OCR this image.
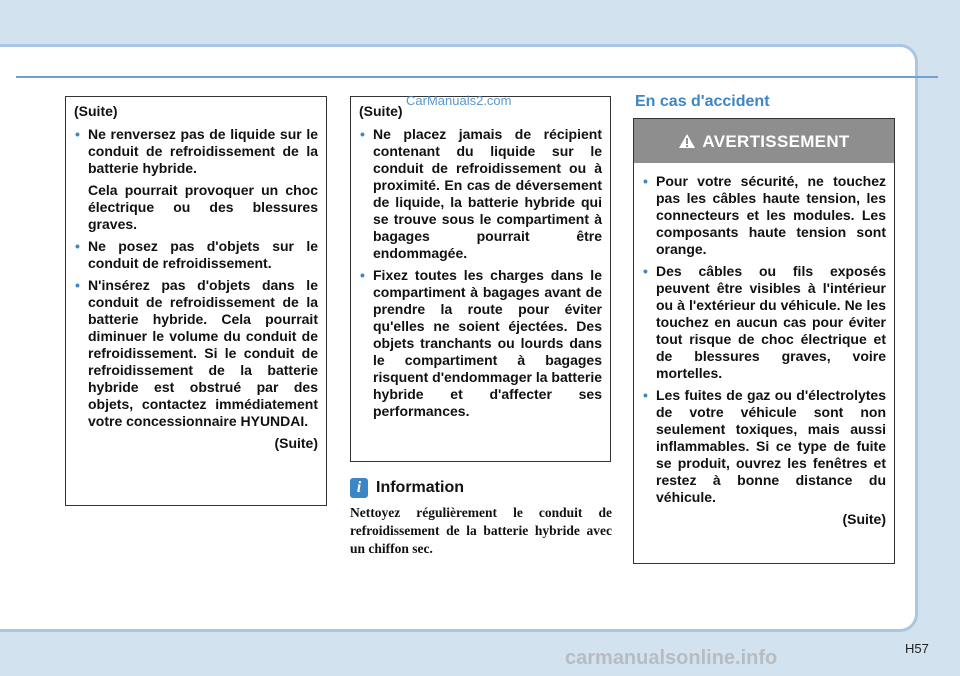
(Suite)

• Ne renversez pas de liquide sur le conduit de refroidissement de la batterie hybride.

Cela pourrait provoquer un choc électrique ou des blessures graves.

• Ne posez pas d'objets sur le conduit de refroidissement.
• N'insérez pas d'objets dans le conduit de refroidissement de la batterie hybride. Cela pourrait diminuer le volume du conduit de refroidissement. Si le conduit de refroidissement de la batterie hybride est obstrué par des objets, contactez immédiatement votre concessionnaire HYUNDAI.

(Suite)

(Suite)

• Ne placez jamais de récipient contenant du liquide sur le conduit de refroidissement ou à proximité. En cas de déversement de liquide, la batterie hybride qui se trouve sous le compartiment à bagages pourrait être endommagée.
• Fixez toutes les charges dans le compartiment à bagages avant de prendre la route pour éviter qu'elles ne soient éjectées. Des objets tranchants ou lourds dans le compartiment à bagages risquent d'endommager la batterie hybride et d'affecter ses performances.
i Information
Nettoyez régulièrement le conduit de refroidissement de la batterie hybride avec un chiffon sec.
En cas d'accident
AVERTISSEMENT
• Pour votre sécurité, ne touchez pas les câbles haute tension, les connecteurs et les modules. Les composants haute tension sont orange.
• Des câbles ou fils exposés peuvent être visibles à l'intérieur ou à l'extérieur du véhicule. Ne les touchez en aucun cas pour éviter tout risque de choc électrique et de blessures graves, voire mortelles.
• Les fuites de gaz ou d'électrolytes de votre véhicule sont non seulement toxiques, mais aussi inflammables. Si ce type de fuite se produit, ouvrez les fenêtres et restez à bonne distance du véhicule.

(Suite)

CarManuals2.com
H57
carmanualsonline.info
